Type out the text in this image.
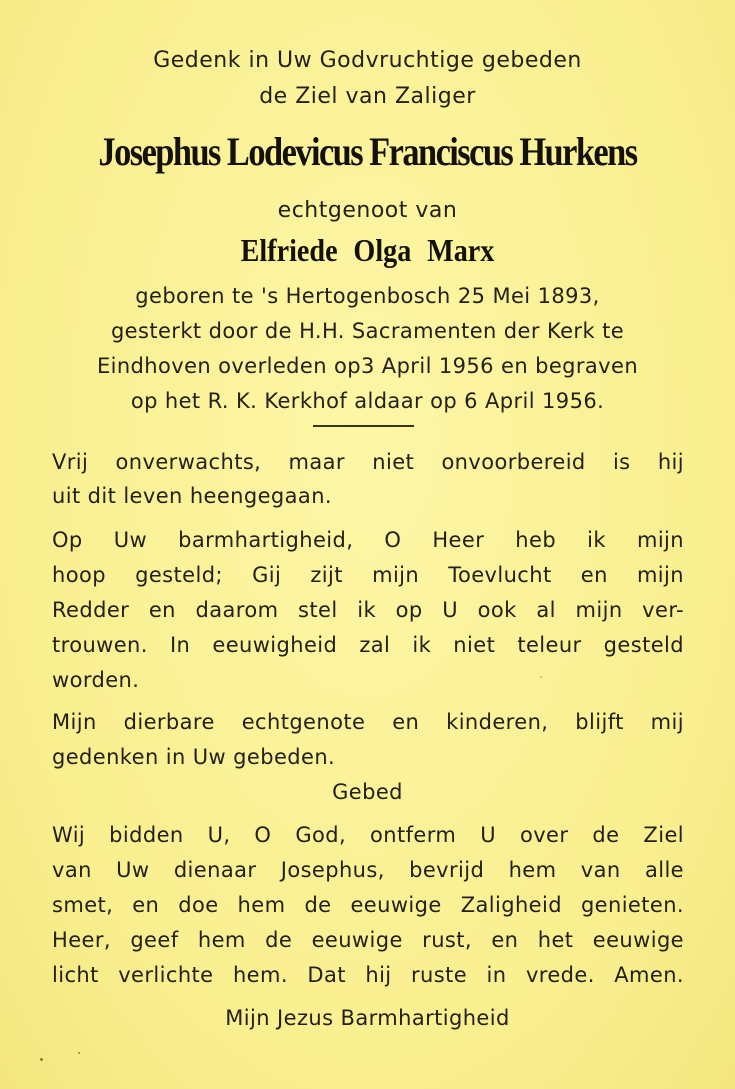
Gedenk in Uw Godvruchtige gebeden
de Ziel van Zaliger
Josephus Lodevicus Franciscus Hurkens
echtgenoot van
Elfriede Olga Marx
geboren te 's Hertogenbosch 25 Mei 1893,
gesterkt door de H.H. Sacramenten der Kerk te
Eindhoven overleden op3 April 1956 en begraven
op het R. K. Kerkhof aldaar op 6 April 1956.
Vrij onverwachts, maar niet onvoorbereid is hij
uit dit leven heengegaan.
Op Uw barmhartigheid, O Heer heb ik mijn
hoop gesteld; Gij zijt mijn Toevlucht en mijn
Redder en daarom stel ik op U ook al mijn ver-
trouwen. In eeuwigheid zal ik niet teleur gesteld
worden.
Mijn dierbare echtgenote en kinderen, blijft mij
gedenken in Uw gebeden.
Gebed
Wij bidden U, O God, ontferm U over de Ziel
van Uw dienaar Josephus, bevrijd hem van alle
smet, en doe hem de eeuwige Zaligheid genieten.
Heer, geef hem de eeuwige rust, en het eeuwige
licht verlichte hem. Dat hij ruste in vrede. Amen.
Mijn Jezus Barmhartigheid
